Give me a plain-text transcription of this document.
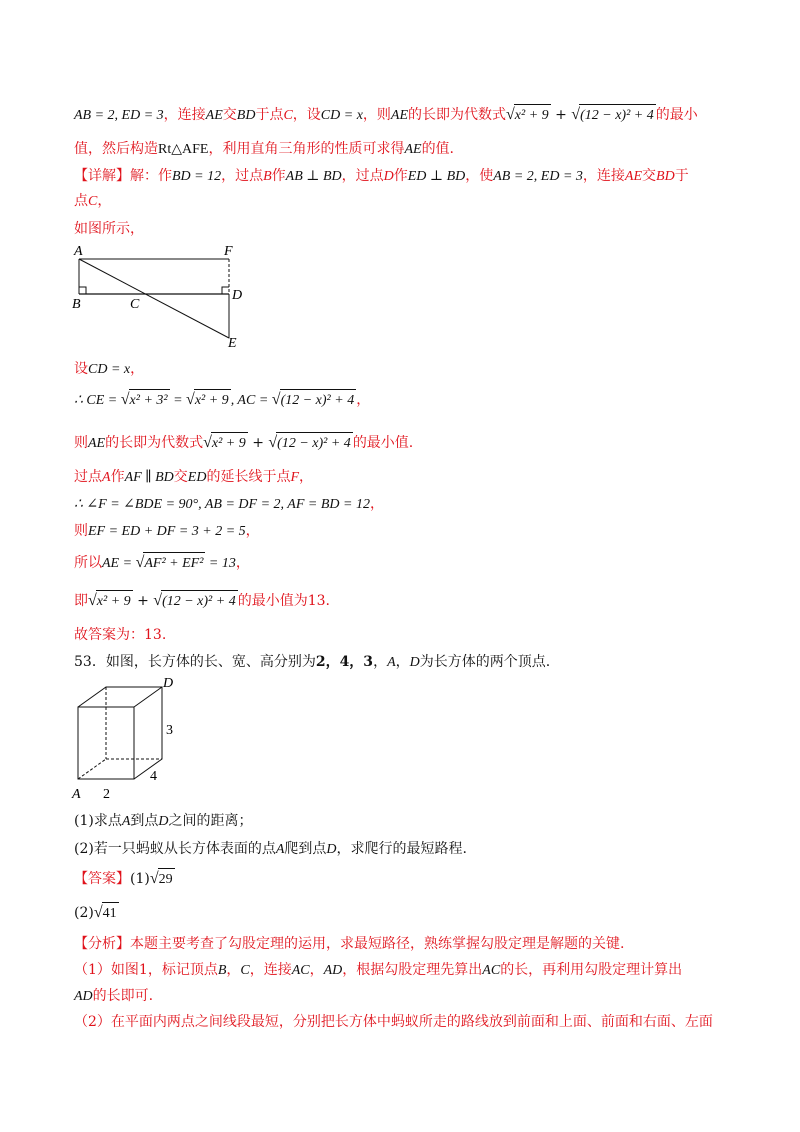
AB = 2, ED = 3，连接AE交BD于点C，设CD = x，则AE的长即为代数式√x² + 9 + √(12 − x)² + 4 的最小
值，然后构造Rt△AFE，利用直角三角形的性质可求得AE的值.
【详解】解：作BD = 12，过点B作AB ⊥ BD，过点D作ED ⊥ BD，使AB = 2, ED = 3，连接AE交BD于
点C，
如图所示，
A	F
B	C
D
E
设CD = x，
∴ CE = √x² + 3² = √x² + 9 , AC = √(12 − x)² + 4 ，
则AE的长即为代数式√x² + 9 + √(12 − x)² + 4 的最小值.
过点A作AF ∥ BD交ED的延长线于点F，
∴ ∠F = ∠BDE = 90°, AB = DF = 2, AF = BD = 12，
则EF = ED + DF = 3 + 2 = 5，
所以AE = √AF² + EF² = 13，
即√x² + 9 + √(12 − x)² + 4 的最小值为13.
故答案为：13.
53．如图，长方体的长、宽、高分别为2，4，3，A，D为长方体的两个顶点.
D
3
4
A 2
(1)求点A到点D之间的距离；
(2)若一只蚂蚁从长方体表面的点A爬到点D，求爬行的最短路程.
【答案】(1)√29
(2)√41
【分析】本题主要考查了勾股定理的运用，求最短路径，熟练掌握勾股定理是解题的关键.
（1）如图1，标记顶点B，C，连接AC，AD，根据勾股定理先算出AC的长，再利用勾股定理计算出
AD的长即可.
（2）在平面内两点之间线段最短，分别把长方体中蚂蚁所走的路线放到前面和上面、前面和右面、左面
